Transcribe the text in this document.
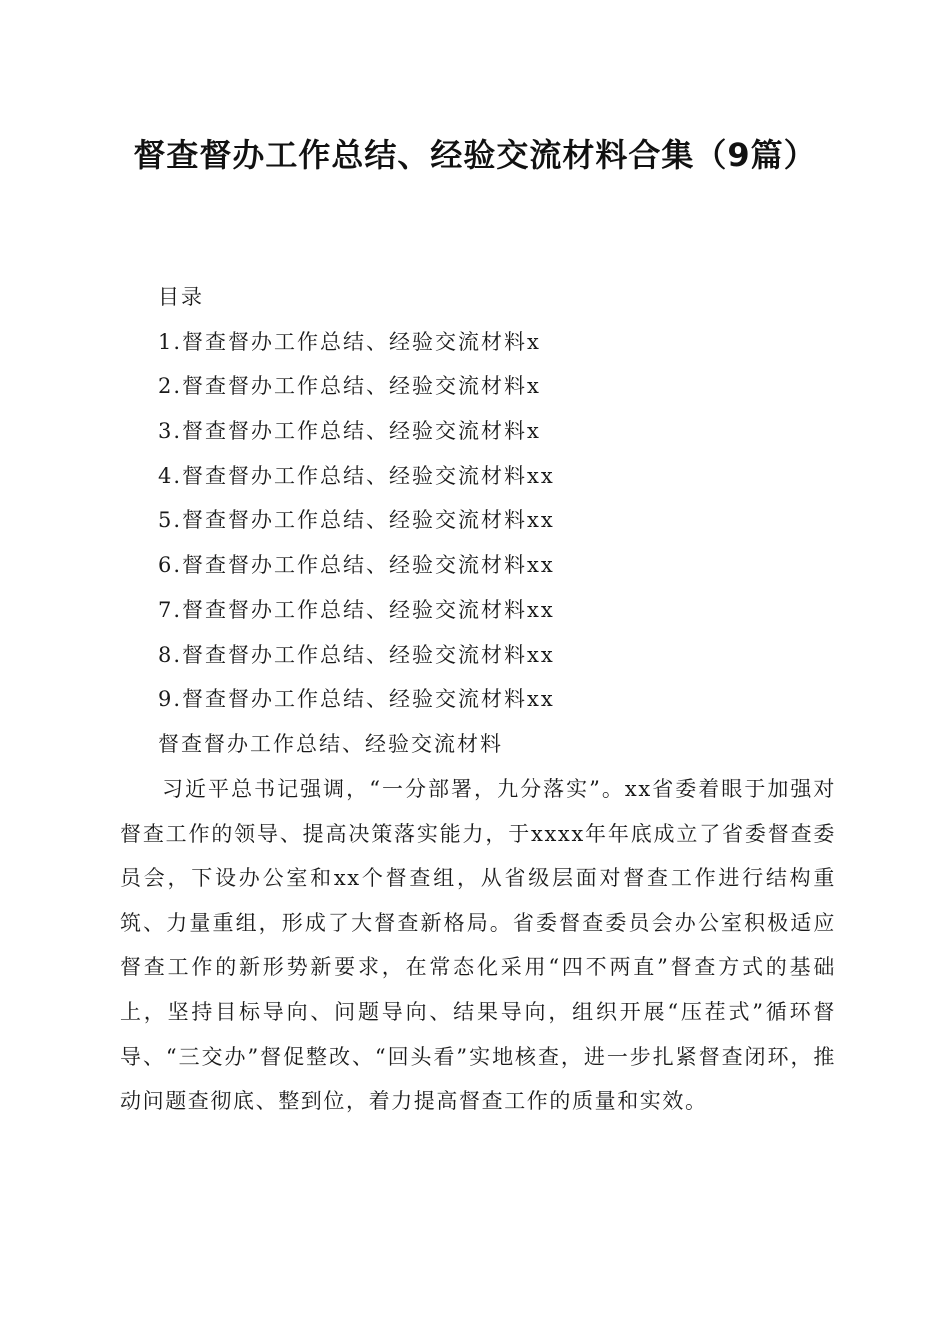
督查督办工作总结、经验交流材料合集（9篇）
目录
1.督查督办工作总结、经验交流材料x
2.督查督办工作总结、经验交流材料x
3.督查督办工作总结、经验交流材料x
4.督查督办工作总结、经验交流材料xx
5.督查督办工作总结、经验交流材料xx
6.督查督办工作总结、经验交流材料xx
7.督查督办工作总结、经验交流材料xx
8.督查督办工作总结、经验交流材料xx
9.督查督办工作总结、经验交流材料xx
督查督办工作总结、经验交流材料

习近平总书记强调，“一分部署，九分落实”。xx省委着眼于加强对督查工作的领导、提高决策落实能力，于xxxx年年底成立了省委督查委员会，下设办公室和xx个督查组，从省级层面对督查工作进行结构重筑、力量重组，形成了大督查新格局。省委督查委员会办公室积极适应督查工作的新形势新要求，在常态化采用“四不两直”督查方式的基础上，坚持目标导向、问题导向、结果导向，组织开展“压茬式”循环督导、“三交办”督促整改、“回头看”实地核查，进一步扎紧督查闭环，推动问题查彻底、整到位，着力提高督查工作的质量和实效。
